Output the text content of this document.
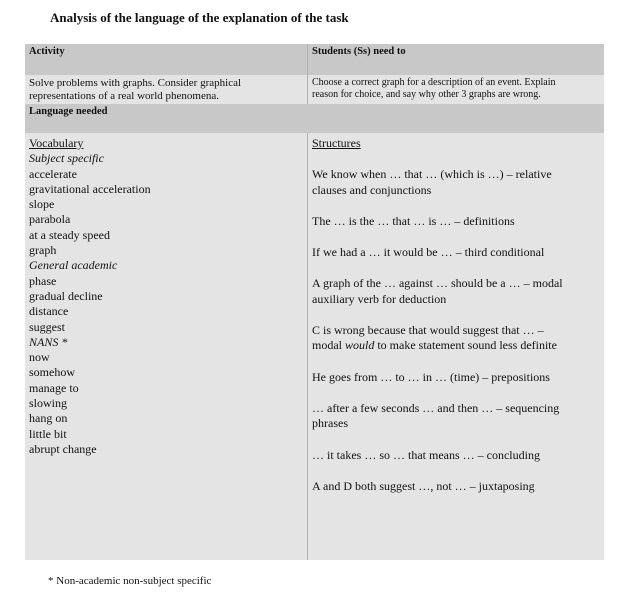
Analysis of the language of the explanation of the task
Activity	Students (Ss) need to
Solve problems with graphs. Consider graphical
representations of a real world phenomena.
Choose a correct graph for a description of an event. Explain
reason for choice, and say why other 3 graphs are wrong.
Language needed
Vocabulary
Subject specific
accelerate
gravitational acceleration
slope
parabola
at a steady speed
graph
General academic
phase
gradual decline
distance
suggest
NANS *
now
somehow
manage to
slowing
hang on
little bit
abrupt change
Structures
We know when … that … (which is …) – relative
clauses and conjunctions
The … is the … that … is … – definitions
If we had a … it would be … – third conditional
A graph of the … against … should be a … – modal
auxiliary verb for deduction
C is wrong because that would suggest that … –
modal would to make statement sound less definite
He goes from … to … in … (time) – prepositions
… after a few seconds … and then … – sequencing
phrases
… it takes … so … that means … – concluding
A and D both suggest …, not … – juxtaposing
* Non-academic non-subject specific
